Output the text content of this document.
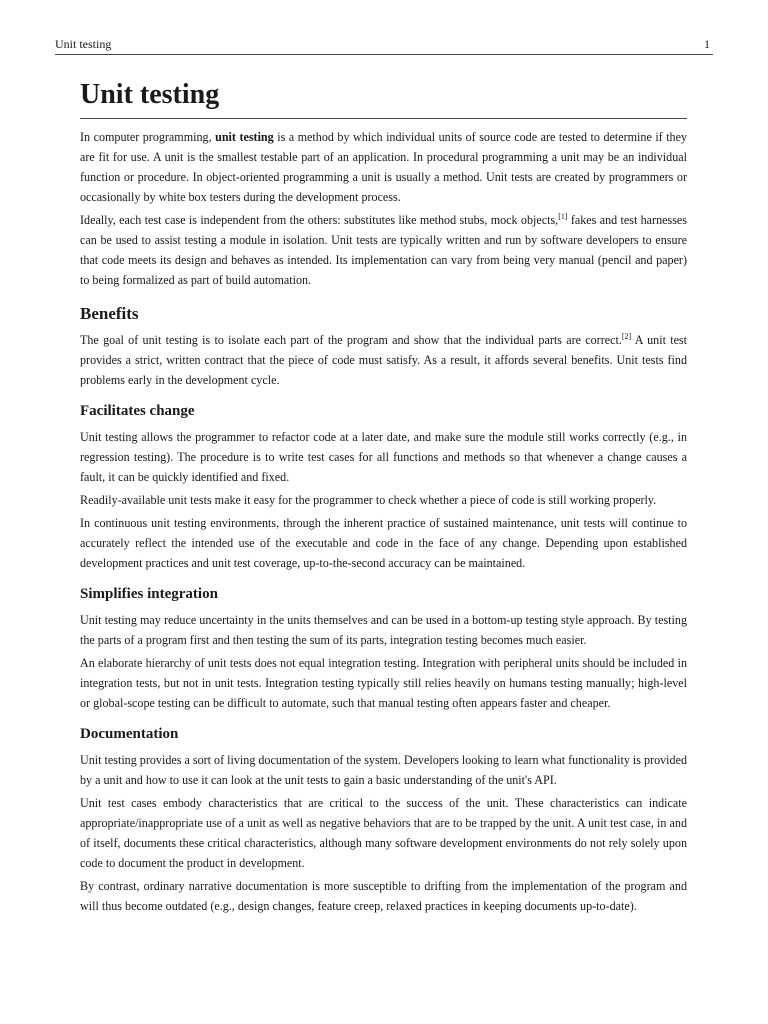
Unit testing	1
Unit testing

In computer programming, unit testing is a method by which individual units of source code are tested to determine if they are fit for use. A unit is the smallest testable part of an application. In procedural programming a unit may be an individual function or procedure. In object-oriented programming a unit is usually a method. Unit tests are created by programmers or occasionally by white box testers during the development process.

Ideally, each test case is independent from the others: substitutes like method stubs, mock objects,[1] fakes and test harnesses can be used to assist testing a module in isolation. Unit tests are typically written and run by software developers to ensure that code meets its design and behaves as intended. Its implementation can vary from being very manual (pencil and paper) to being formalized as part of build automation.

Benefits

The goal of unit testing is to isolate each part of the program and show that the individual parts are correct.[2] A unit test provides a strict, written contract that the piece of code must satisfy. As a result, it affords several benefits. Unit tests find problems early in the development cycle.

Facilitates change

Unit testing allows the programmer to refactor code at a later date, and make sure the module still works correctly (e.g., in regression testing). The procedure is to write test cases for all functions and methods so that whenever a change causes a fault, it can be quickly identified and fixed.

Readily-available unit tests make it easy for the programmer to check whether a piece of code is still working properly.

In continuous unit testing environments, through the inherent practice of sustained maintenance, unit tests will continue to accurately reflect the intended use of the executable and code in the face of any change. Depending upon established development practices and unit test coverage, up-to-the-second accuracy can be maintained.

Simplifies integration

Unit testing may reduce uncertainty in the units themselves and can be used in a bottom-up testing style approach. By testing the parts of a program first and then testing the sum of its parts, integration testing becomes much easier.

An elaborate hierarchy of unit tests does not equal integration testing. Integration with peripheral units should be included in integration tests, but not in unit tests. Integration testing typically still relies heavily on humans testing manually; high-level or global-scope testing can be difficult to automate, such that manual testing often appears faster and cheaper.

Documentation

Unit testing provides a sort of living documentation of the system. Developers looking to learn what functionality is provided by a unit and how to use it can look at the unit tests to gain a basic understanding of the unit's API.

Unit test cases embody characteristics that are critical to the success of the unit. These characteristics can indicate appropriate/inappropriate use of a unit as well as negative behaviors that are to be trapped by the unit. A unit test case, in and of itself, documents these critical characteristics, although many software development environments do not rely solely upon code to document the product in development.

By contrast, ordinary narrative documentation is more susceptible to drifting from the implementation of the program and will thus become outdated (e.g., design changes, feature creep, relaxed practices in keeping documents up-to-date).
